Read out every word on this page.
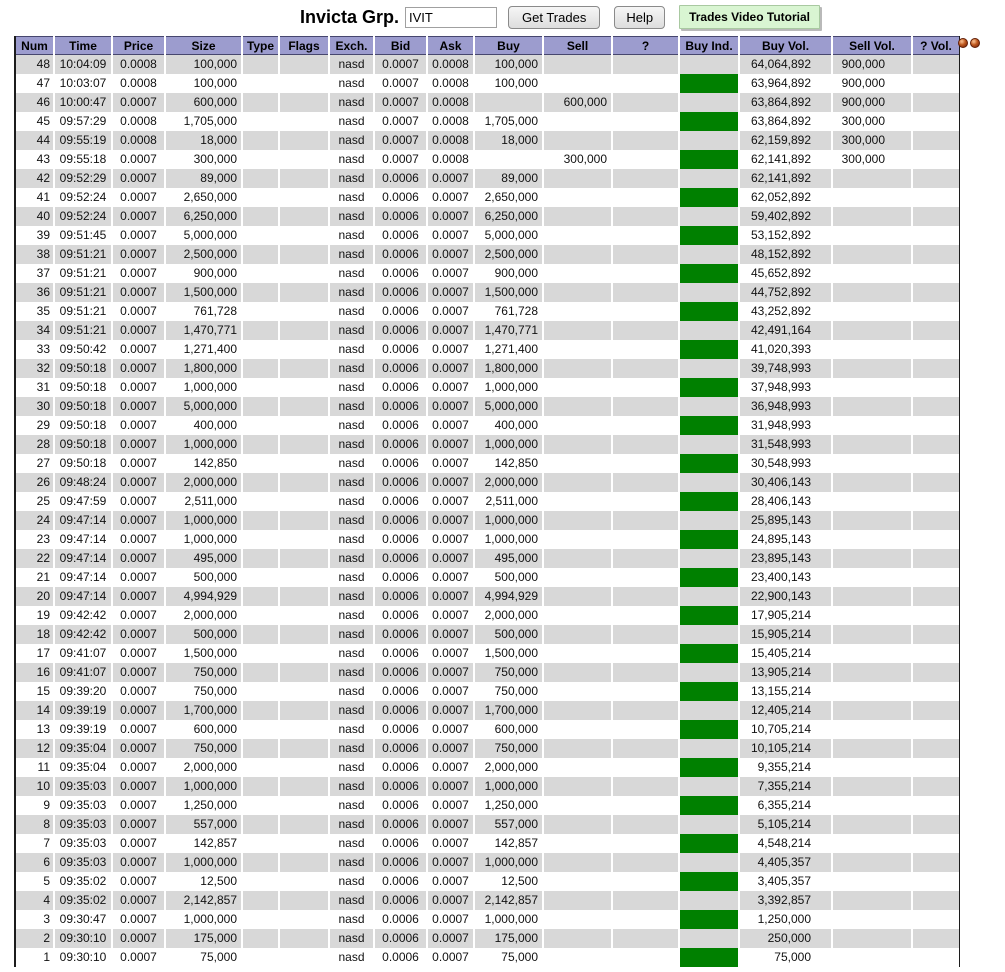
Invicta Grp.
IVIT	Get Trades	Help	Trades Video Tutorial
Num	Time	Price	Size	Type	Flags	Exch.	Bid	Ask	Buy	Sell	?	Buy Ind.	Buy Vol.	Sell Vol.	? Vol.
48	10:04:09	0.0008	100,000			nasd	0.0007	0.0008	100,000				64,064,892	900,000	
47	10:03:07	0.0008	100,000			nasd	0.0007	0.0008	100,000				63,964,892	900,000	
46	10:00:47	0.0007	600,000			nasd	0.0007	0.0008		600,000			63,864,892	900,000	
45	09:57:29	0.0008	1,705,000			nasd	0.0007	0.0008	1,705,000				63,864,892	300,000	
44	09:55:19	0.0008	18,000			nasd	0.0007	0.0008	18,000				62,159,892	300,000	
43	09:55:18	0.0007	300,000			nasd	0.0007	0.0008		300,000			62,141,892	300,000	
42	09:52:29	0.0007	89,000			nasd	0.0006	0.0007	89,000				62,141,892		
41	09:52:24	0.0007	2,650,000			nasd	0.0006	0.0007	2,650,000				62,052,892		
40	09:52:24	0.0007	6,250,000			nasd	0.0006	0.0007	6,250,000				59,402,892		
39	09:51:45	0.0007	5,000,000			nasd	0.0006	0.0007	5,000,000				53,152,892		
38	09:51:21	0.0007	2,500,000			nasd	0.0006	0.0007	2,500,000				48,152,892		
37	09:51:21	0.0007	900,000			nasd	0.0006	0.0007	900,000				45,652,892		
36	09:51:21	0.0007	1,500,000			nasd	0.0006	0.0007	1,500,000				44,752,892		
35	09:51:21	0.0007	761,728			nasd	0.0006	0.0007	761,728				43,252,892		
34	09:51:21	0.0007	1,470,771			nasd	0.0006	0.0007	1,470,771				42,491,164		
33	09:50:42	0.0007	1,271,400			nasd	0.0006	0.0007	1,271,400				41,020,393		
32	09:50:18	0.0007	1,800,000			nasd	0.0006	0.0007	1,800,000				39,748,993		
31	09:50:18	0.0007	1,000,000			nasd	0.0006	0.0007	1,000,000				37,948,993		
30	09:50:18	0.0007	5,000,000			nasd	0.0006	0.0007	5,000,000				36,948,993		
29	09:50:18	0.0007	400,000			nasd	0.0006	0.0007	400,000				31,948,993		
28	09:50:18	0.0007	1,000,000			nasd	0.0006	0.0007	1,000,000				31,548,993		
27	09:50:18	0.0007	142,850			nasd	0.0006	0.0007	142,850				30,548,993		
26	09:48:24	0.0007	2,000,000			nasd	0.0006	0.0007	2,000,000				30,406,143		
25	09:47:59	0.0007	2,511,000			nasd	0.0006	0.0007	2,511,000				28,406,143		
24	09:47:14	0.0007	1,000,000			nasd	0.0006	0.0007	1,000,000				25,895,143		
23	09:47:14	0.0007	1,000,000			nasd	0.0006	0.0007	1,000,000				24,895,143		
22	09:47:14	0.0007	495,000			nasd	0.0006	0.0007	495,000				23,895,143		
21	09:47:14	0.0007	500,000			nasd	0.0006	0.0007	500,000				23,400,143		
20	09:47:14	0.0007	4,994,929			nasd	0.0006	0.0007	4,994,929				22,900,143		
19	09:42:42	0.0007	2,000,000			nasd	0.0006	0.0007	2,000,000				17,905,214		
18	09:42:42	0.0007	500,000			nasd	0.0006	0.0007	500,000				15,905,214		
17	09:41:07	0.0007	1,500,000			nasd	0.0006	0.0007	1,500,000				15,405,214		
16	09:41:07	0.0007	750,000			nasd	0.0006	0.0007	750,000				13,905,214		
15	09:39:20	0.0007	750,000			nasd	0.0006	0.0007	750,000				13,155,214		
14	09:39:19	0.0007	1,700,000			nasd	0.0006	0.0007	1,700,000				12,405,214		
13	09:39:19	0.0007	600,000			nasd	0.0006	0.0007	600,000				10,705,214		
12	09:35:04	0.0007	750,000			nasd	0.0006	0.0007	750,000				10,105,214		
11	09:35:04	0.0007	2,000,000			nasd	0.0006	0.0007	2,000,000				9,355,214		
10	09:35:03	0.0007	1,000,000			nasd	0.0006	0.0007	1,000,000				7,355,214		
9	09:35:03	0.0007	1,250,000			nasd	0.0006	0.0007	1,250,000				6,355,214		
8	09:35:03	0.0007	557,000			nasd	0.0006	0.0007	557,000				5,105,214		
7	09:35:03	0.0007	142,857			nasd	0.0006	0.0007	142,857				4,548,214		
6	09:35:03	0.0007	1,000,000			nasd	0.0006	0.0007	1,000,000				4,405,357		
5	09:35:02	0.0007	12,500			nasd	0.0006	0.0007	12,500				3,405,357		
4	09:35:02	0.0007	2,142,857			nasd	0.0006	0.0007	2,142,857				3,392,857		
3	09:30:47	0.0007	1,000,000			nasd	0.0006	0.0007	1,000,000				1,250,000		
2	09:30:10	0.0007	175,000			nasd	0.0006	0.0007	175,000				250,000		
1	09:30:10	0.0007	75,000			nasd	0.0006	0.0007	75,000				75,000		
